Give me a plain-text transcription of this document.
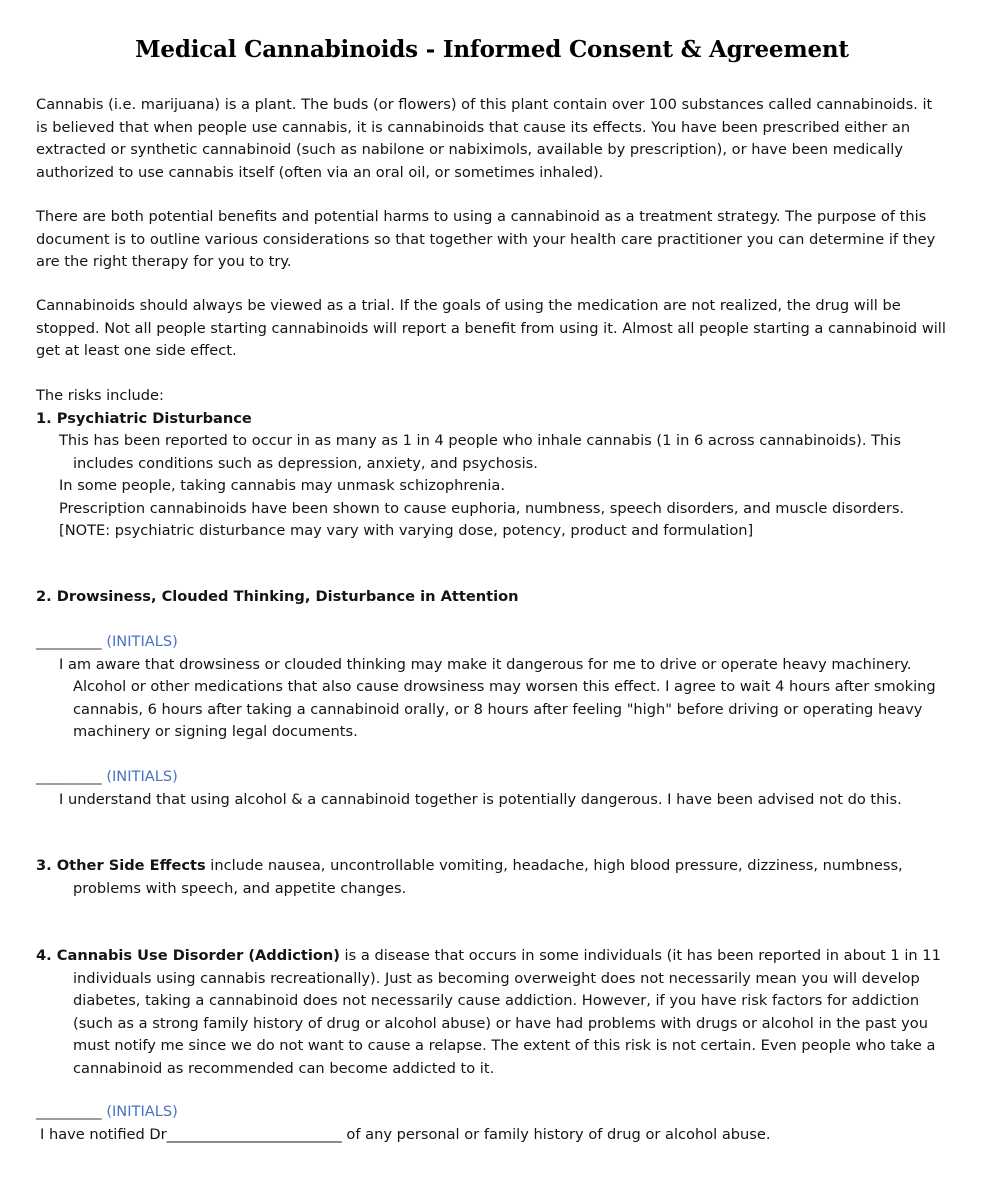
Medical Cannabinoids - Informed Consent & Agreement

Cannabis (i.e. marijuana) is a plant. The buds (or flowers) of this plant contain over 100 substances called cannabinoids. it is believed that when people use cannabis, it is cannabinoids that cause its effects. You have been prescribed either an extracted or synthetic cannabinoid (such as nabilone or nabiximols, available by prescription), or have been medically authorized to use cannabis itself (often via an oral oil, or sometimes inhaled).

There are both potential benefits and potential harms to using a cannabinoid as a treatment strategy. The purpose of this document is to outline various considerations so that together with your health care practitioner you can determine if they are the right therapy for you to try.

Cannabinoids should always be viewed as a trial. If the goals of using the medication are not realized, the drug will be stopped. Not all people starting cannabinoids will report a benefit from using it. Almost all people starting a cannabinoid will get at least one side effect.

The risks include:

1. Psychiatric Disturbance

This has been reported to occur in as many as 1 in 4 people who inhale cannabis (1 in 6 across cannabinoids). This includes conditions such as depression, anxiety, and psychosis.

In some people, taking cannabis may unmask schizophrenia.

Prescription cannabinoids have been shown to cause euphoria, numbness, speech disorders, and muscle disorders.

[NOTE: psychiatric disturbance may vary with varying dose, potency, product and formulation]

2. Drowsiness, Clouded Thinking, Disturbance in Attention

_________ (INITIALS)

I am aware that drowsiness or clouded thinking may make it dangerous for me to drive or operate heavy machinery. Alcohol or other medications that also cause drowsiness may worsen this effect. I agree to wait 4 hours after smoking cannabis, 6 hours after taking a cannabinoid orally, or 8 hours after feeling "high" before driving or operating heavy machinery or signing legal documents.

_________ (INITIALS)

I understand that using alcohol & a cannabinoid together is potentially dangerous. I have been advised not do this.

3. Other Side Effects include nausea, uncontrollable vomiting, headache, high blood pressure, dizziness, numbness, problems with speech, and appetite changes.

4. Cannabis Use Disorder (Addiction) is a disease that occurs in some individuals (it has been reported in about 1 in 11 individuals using cannabis recreationally). Just as becoming overweight does not necessarily mean you will develop diabetes, taking a cannabinoid does not necessarily cause addiction. However, if you have risk factors for addiction (such as a strong family history of drug or alcohol abuse) or have had problems with drugs or alcohol in the past you must notify me since we do not want to cause a relapse. The extent of this risk is not certain. Even people who take a cannabinoid as recommended can become addicted to it.

_________ (INITIALS)

I have notified Dr________________________ of any personal or family history of drug or alcohol abuse.
